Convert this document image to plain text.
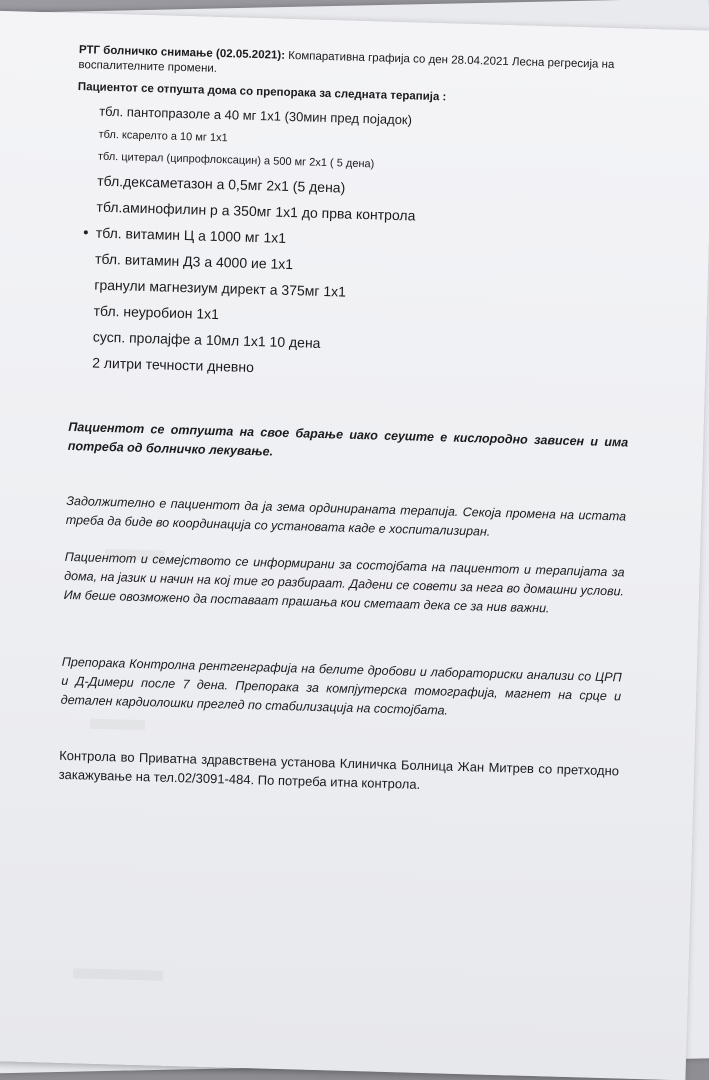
РТГ болничко снимање (02.05.2021): Компаративна графија со ден 28.04.2021 Лесна регресија на воспалителните промени.

Пациентот се отпушта дома со препорака за следната терапија :

тбл. пантопразоле а 40 мг 1х1 (30мин пред појадок)
тбл. ксарелто а 10 мг 1х1
тбл. цитерал (ципрофлоксацин) а 500 мг 2х1 ( 5 дена)
тбл.дексаметазон а 0,5мг 2х1 (5 дена)
тбл.аминофилин р а 350мг 1х1 до прва контрола
тбл. витамин Ц а 1000 мг 1х1
тбл. витамин Д3 а 4000 ие 1х1
гранули магнезиум директ а 375мг 1х1
тбл. неуробион 1х1
сусп. пролајфе а 10мл 1х1 10 дена
2 литри течности дневно

Пациентот се отпушта на свое барање иако сеуште е кислородно зависен и има потреба од болничко лекување.

Задолжително е пациентот да ја зема ординираната терапија. Секоја промена на истата треба да биде во координација со установата каде е хоспитализиран.

Пациентот и семејството се информирани за состојбата на пациентот и терапијата за дома, на јазик и начин на кој тие го разбираат. Дадени се совети за нега во домашни услови. Им беше овозможено да поставаат прашања кои сметаат дека се за нив важни.

Препорака Контролна рентгенграфија на белите дробови и лабораториски анализи со ЦРП и Д-Димери после 7 дена. Препорака за компјутерска томографија, магнет на срце и детален кардиолошки преглед по стабилизација на состојбата.

Контрола во Приватна здравствена установа Клиничка Болница Жан Митрев со претходно закажување на тел.02/3091-484. По потреба итна контрола.
